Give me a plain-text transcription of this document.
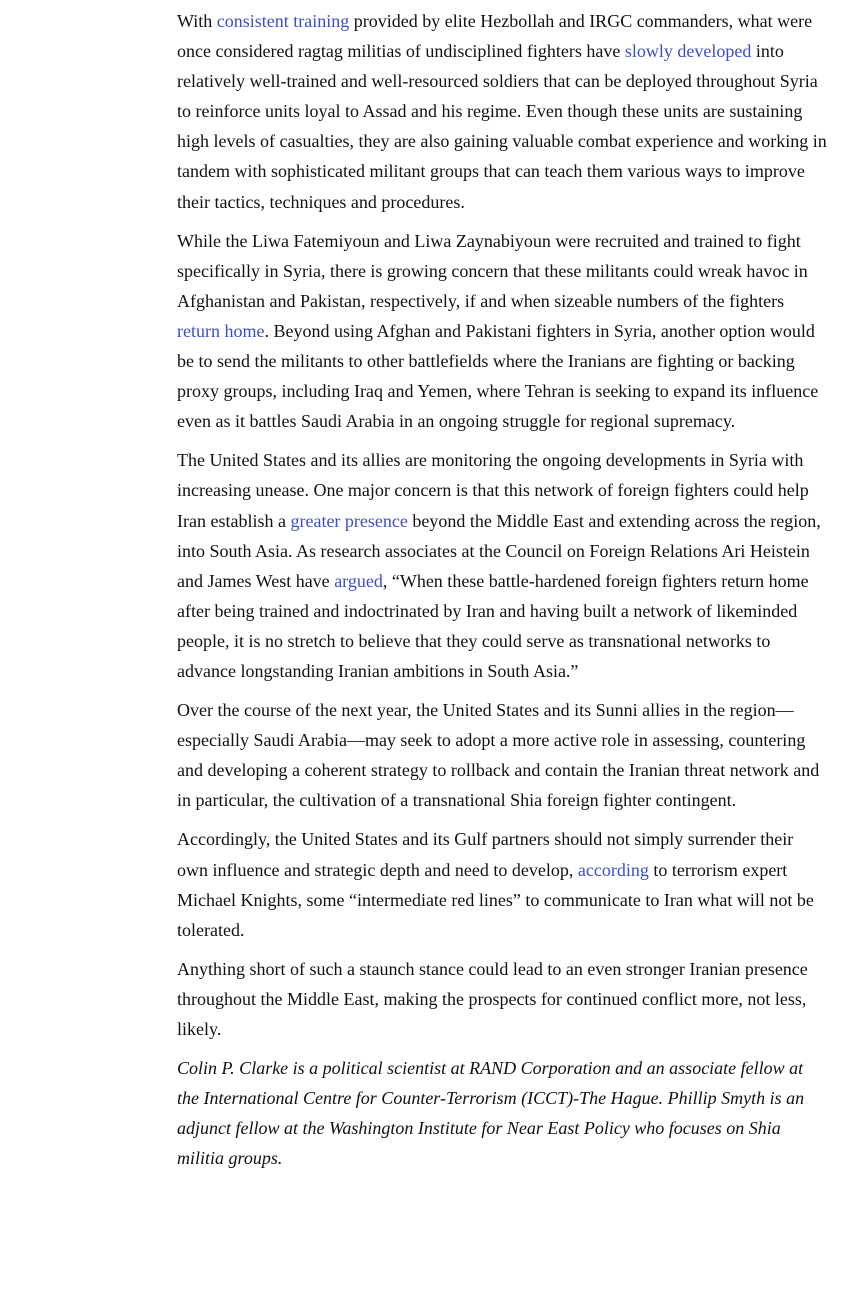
With consistent training provided by elite Hezbollah and IRGC commanders, what were once considered ragtag militias of undisciplined fighters have slowly developed into relatively well-trained and well-resourced soldiers that can be deployed throughout Syria to reinforce units loyal to Assad and his regime. Even though these units are sustaining high levels of casualties, they are also gaining valuable combat experience and working in tandem with sophisticated militant groups that can teach them various ways to improve their tactics, techniques and procedures.

While the Liwa Fatemiyoun and Liwa Zaynabiyoun were recruited and trained to fight specifically in Syria, there is growing concern that these militants could wreak havoc in Afghanistan and Pakistan, respectively, if and when sizeable numbers of the fighters return home. Beyond using Afghan and Pakistani fighters in Syria, another option would be to send the militants to other battlefields where the Iranians are fighting or backing proxy groups, including Iraq and Yemen, where Tehran is seeking to expand its influence even as it battles Saudi Arabia in an ongoing struggle for regional supremacy.

The United States and its allies are monitoring the ongoing developments in Syria with increasing unease. One major concern is that this network of foreign fighters could help Iran establish a greater presence beyond the Middle East and extending across the region, into South Asia. As research associates at the Council on Foreign Relations Ari Heistein and James West have argued, “When these battle-hardened foreign fighters return home after being trained and indoctrinated by Iran and having built a network of likeminded people, it is no stretch to believe that they could serve as transnational networks to advance longstanding Iranian ambitions in South Asia.”

Over the course of the next year, the United States and its Sunni allies in the region—especially Saudi Arabia—may seek to adopt a more active role in assessing, countering and developing a coherent strategy to rollback and contain the Iranian threat network and in particular, the cultivation of a transnational Shia foreign fighter contingent.

Accordingly, the United States and its Gulf partners should not simply surrender their own influence and strategic depth and need to develop, according to terrorism expert Michael Knights, some “intermediate red lines” to communicate to Iran what will not be tolerated.

Anything short of such a staunch stance could lead to an even stronger Iranian presence throughout the Middle East, making the prospects for continued conflict more, not less, likely.

Colin P. Clarke is a political scientist at RAND Corporation and an associate fellow at the International Centre for Counter-Terrorism (ICCT)-The Hague. Phillip Smyth is an adjunct fellow at the Washington Institute for Near East Policy who focuses on Shia militia groups.
